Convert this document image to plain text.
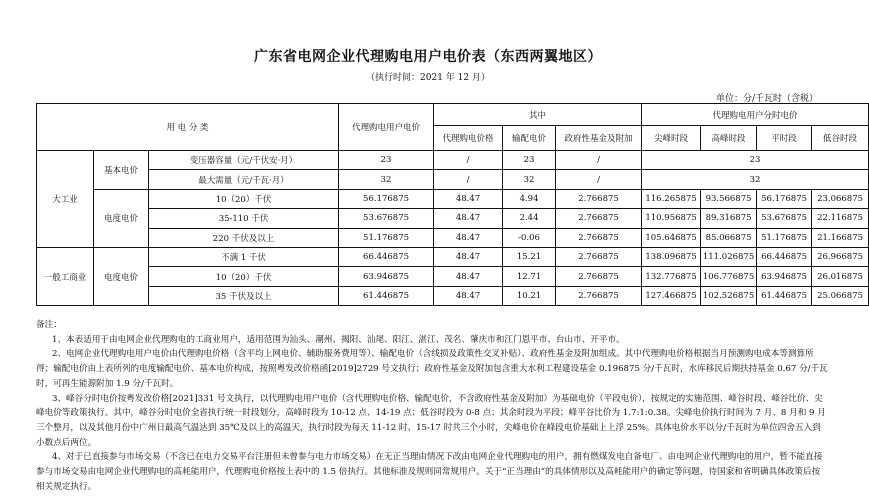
广东省电网企业代理购电用户电价表（东西两翼地区）
（执行时间：2021 年 12 月）
单位：分/千瓦时（含税）
用 电 分 类			代理购电用户电价	其中			代理购电用户分时电价			
				代理购电价格	输配电价	政府性基金及附加	尖峰时段	高峰时段	平时段	低谷时段
大工业	基本电价	变压器容量（元/千伏安·月）	23	/	23	/	23			
		最大需量（元/千瓦·月）	32	/	32	/	32			
	电度电价	10（20）千伏	56.176875	48.47	4.94	2.766875	116.265875	93.566875	56.176875	23.066875
		35-110 千伏	53.676875	48.47	2.44	2.766875	110.956875	89.316875	53.676875	22.116875
		220 千伏及以上	51.176875	48.47	-0.06	2.766875	105.646875	85.066875	51.176875	21.166875
一般工商业	电度电价	不满 1 千伏	66.446875	48.47	15.21	2.766875	138.096875	111.026875	66.446875	26.966875
		10（20）千伏	63.946875	48.47	12.71	2.766875	132.776875	106.776875	63.946875	26.016875
		35 千伏及以上	61.446875	48.47	10.21	2.766875	127.466875	102.526875	61.446875	25.066875

备注：

1、本表适用于由电网企业代理购电的工商业用户，适用范围为汕头、潮州、揭阳、汕尾、阳江、湛江、茂名、肇庆市和江门恩平市、台山市、开平市。

2、电网企业代理购电用户电价由代理购电价格（含平均上网电价、辅助服务费用等）、输配电价（含线损及政策性交叉补贴）、政府性基金及附加组成。其中代理购电价格根据当月预测购电成本等测算所得；输配电价由上表所列的电度输配电价、基本电价构成，按照粤发改价格函[2019]2729 号文执行；政府性基金及附加包含重大水利工程建设基金 0.196875 分/千瓦时，水库移民后期扶持基金 0.67 分/千瓦时，可再生能源附加 1.9 分/千瓦时。

3、峰谷分时电价按粤发改价格[2021]331 号文执行，以代理购电用户电价（含代理购电价格、输配电价，不含政府性基金及附加）为基础电价（平段电价），按规定的实施范围、峰谷时段、峰谷比价、尖峰电价等政策执行。其中，峰谷分时电价全省执行统一时段划分，高峰时段为 10-12 点、14-19 点；低谷时段为 0-8 点；其余时段为平段；峰平谷比价为 1.7:1:0.38。尖峰电价执行时间为 7 月、8 月和 9 月三个整月，以及其他月份中广州日最高气温达到 35℃及以上的高温天，执行时段为每天 11-12 时、15-17 时共三个小时，尖峰电价在峰段电价基础上上浮 25%。具体电价水平以分/千瓦时为单位四舍五入到小数点后两位。

4、对于已直接参与市场交易（不含已在电力交易平台注册但未曾参与电力市场交易）在无正当理由情况下改由电网企业代理购电的用户，拥有燃煤发电自备电厂、由电网企业代理购电的用户，暂不能直接参与市场交易由电网企业代理购电的高耗能用户，代理购电价格按上表中的 1.5 倍执行。其他标准及规则同常规用户。关于“正当理由”的具体情形以及高耗能用户的确定等问题，待国家和省明确具体政策后按相关规定执行。
